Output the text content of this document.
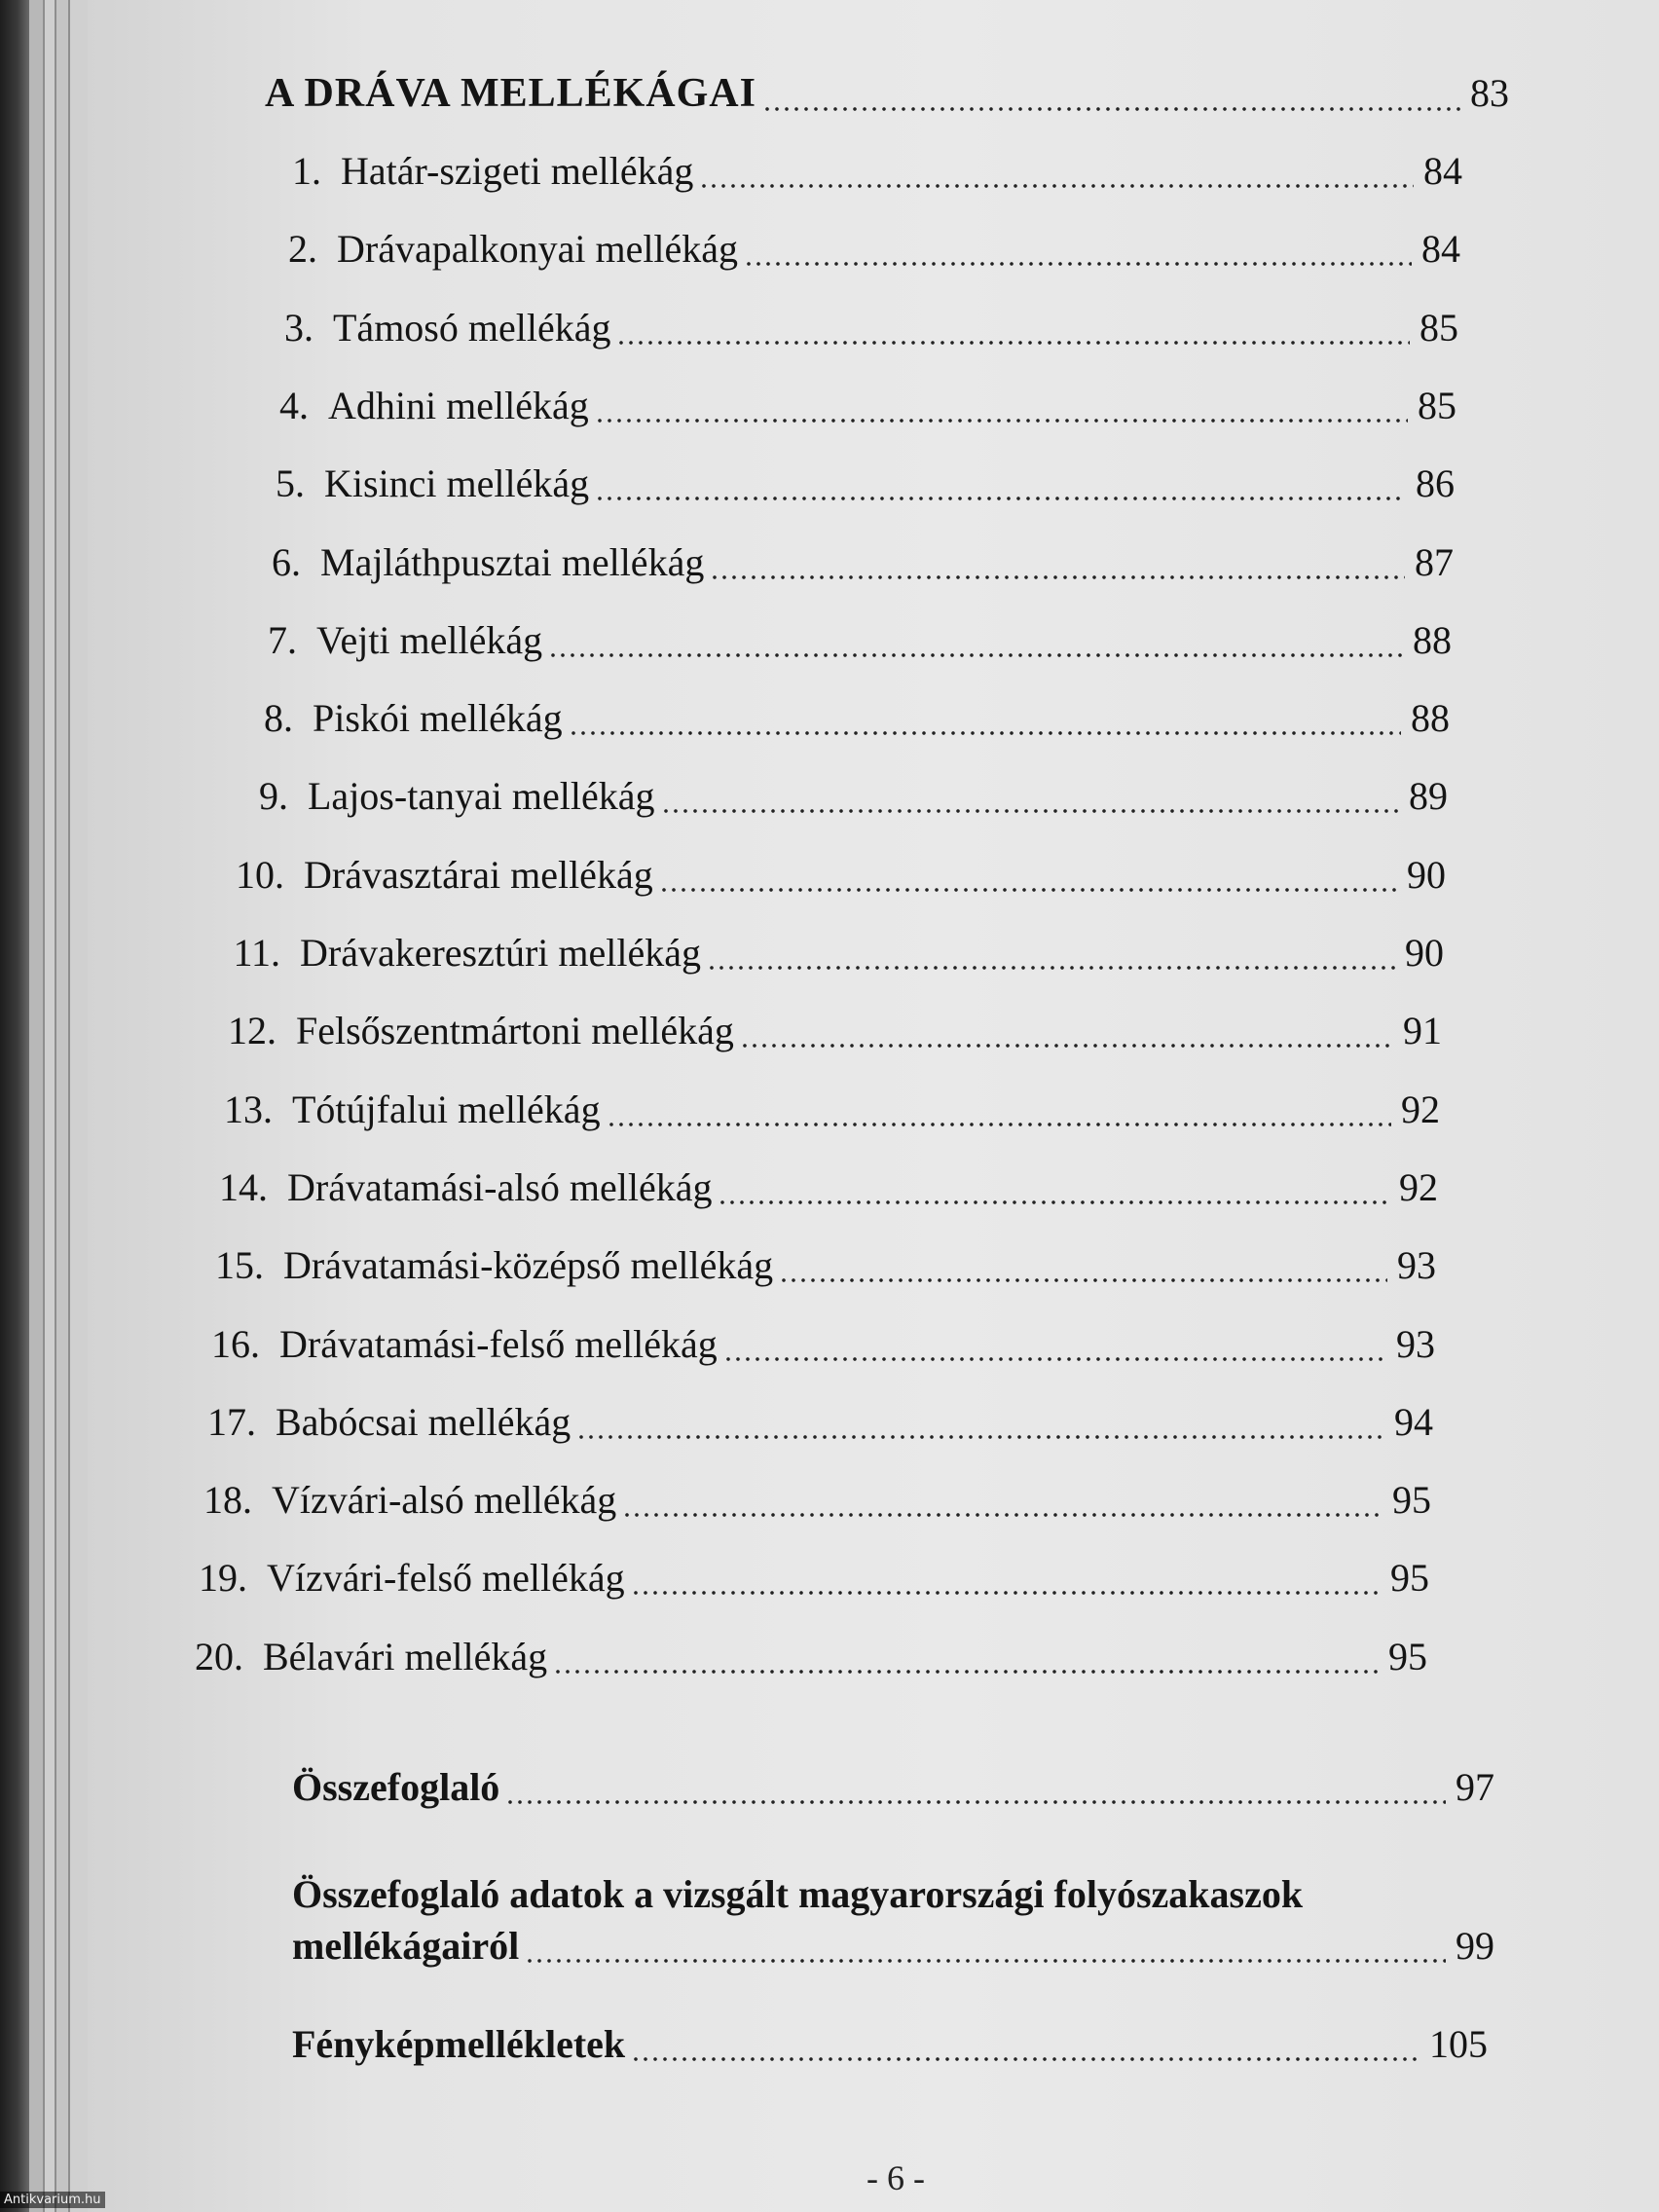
A DRÁVA MELLÉKÁGAI	83
1. Határ-szigeti mellékág	84
2. Drávapalkonyai mellékág	84
3. Támosó mellékág	85
4. Adhini mellékág	85
5. Kisinci mellékág	86
6. Majláthpusztai mellékág	87
7. Vejti mellékág	88
8. Piskói mellékág	88
9. Lajos-tanyai mellékág	89
10. Drávasztárai mellékág	90
11. Drávakeresztúri mellékág	90
12. Felsőszentmártoni mellékág	91
13. Tótújfalui mellékág	92
14. Drávatamási-alsó mellékág	92
15. Drávatamási-középső mellékág	93
16. Drávatamási-felső mellékág	93
17. Babócsai mellékág	94
18. Vízvári-alsó mellékág	95
19. Vízvári-felső mellékág	95
20. Bélavári mellékág	95
Összefoglaló	97
Összefoglaló adatok a vizsgált magyarországi folyószakaszok
mellékágairól	99
Fényképmellékletek	105
- 6 -
Antikvarium.hu
